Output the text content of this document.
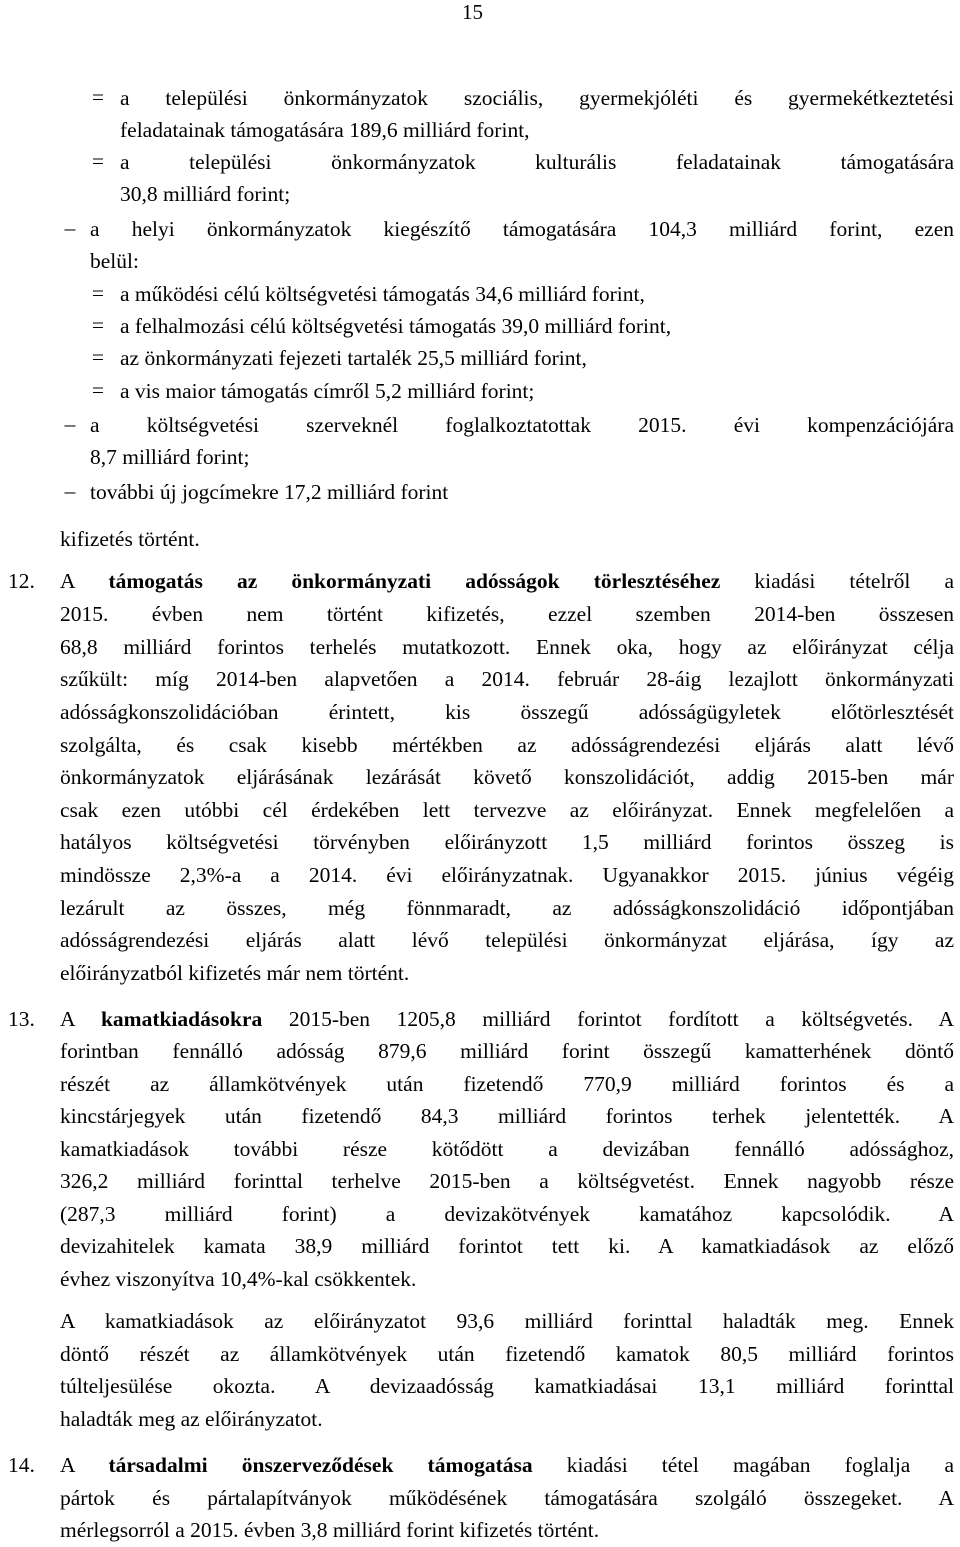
15
= a települési önkormányzatok szociális, gyermekjóléti és gyermekétkeztetési
feladatainak támogatására 189,6 milliárd forint,
= a települési önkormányzatok kulturális feladatainak támogatására
30,8 milliárd forint;
– a helyi önkormányzatok kiegészítő támogatására 104,3 milliárd forint, ezen
belül:
= a működési célú költségvetési támogatás 34,6 milliárd forint,
= a felhalmozási célú költségvetési támogatás 39,0 milliárd forint,
= az önkormányzati fejezeti tartalék 25,5 milliárd forint,
= a vis maior támogatás címről 5,2 milliárd forint;
– a költségvetési szerveknél foglalkoztatottak 2015. évi kompenzációjára
8,7 milliárd forint;
– további új jogcímekre 17,2 milliárd forint
kifizetés történt.
12. A támogatás az önkormányzati adósságok törlesztéséhez kiadási tételről a
2015. évben nem történt kifizetés, ezzel szemben 2014-ben összesen
68,8 milliárd forintos terhelés mutatkozott. Ennek oka, hogy az előirányzat célja
szűkült: míg 2014-ben alapvetően a 2014. február 28-áig lezajlott önkormányzati
adósságkonszolidációban érintett, kis összegű adósságügyletek előtörlesztését
szolgálta, és csak kisebb mértékben az adósságrendezési eljárás alatt lévő
önkormányzatok eljárásának lezárását követő konszolidációt, addig 2015-ben már
csak ezen utóbbi cél érdekében lett tervezve az előirányzat. Ennek megfelelően a
hatályos költségvetési törvényben előirányzott 1,5 milliárd forintos összeg is
mindössze 2,3%-a a 2014. évi előirányzatnak. Ugyanakkor 2015. június végéig
lezárult az összes, még fönnmaradt, az adósságkonszolidáció időpontjában
adósságrendezési eljárás alatt lévő települési önkormányzat eljárása, így az
előirányzatból kifizetés már nem történt.
13. A kamatkiadásokra 2015-ben 1205,8 milliárd forintot fordított a költségvetés. A
forintban fennálló adósság 879,6 milliárd forint összegű kamatterhének döntő
részét az államkötvények után fizetendő 770,9 milliárd forintos és a
kincstárjegyek után fizetendő 84,3 milliárd forintos terhek jelentették. A
kamatkiadások további része kötődött a devizában fennálló adóssághoz,
326,2 milliárd forinttal terhelve 2015-ben a költségvetést. Ennek nagyobb része
(287,3 milliárd forint) a devizakötvények kamatához kapcsolódik. A
devizahitelek kamata 38,9 milliárd forintot tett ki. A kamatkiadások az előző
évhez viszonyítva 10,4%-kal csökkentek.
A kamatkiadások az előirányzatot 93,6 milliárd forinttal haladták meg. Ennek
döntő részét az államkötvények után fizetendő kamatok 80,5 milliárd forintos
túlteljesülése okozta. A devizaadósság kamatkiadásai 13,1 milliárd forinttal
haladták meg az előirányzatot.
14. A társadalmi önszerveződések támogatása kiadási tétel magában foglalja a
pártok és pártalapítványok működésének támogatására szolgáló összegeket. A
mérlegsorról a 2015. évben 3,8 milliárd forint kifizetés történt.
